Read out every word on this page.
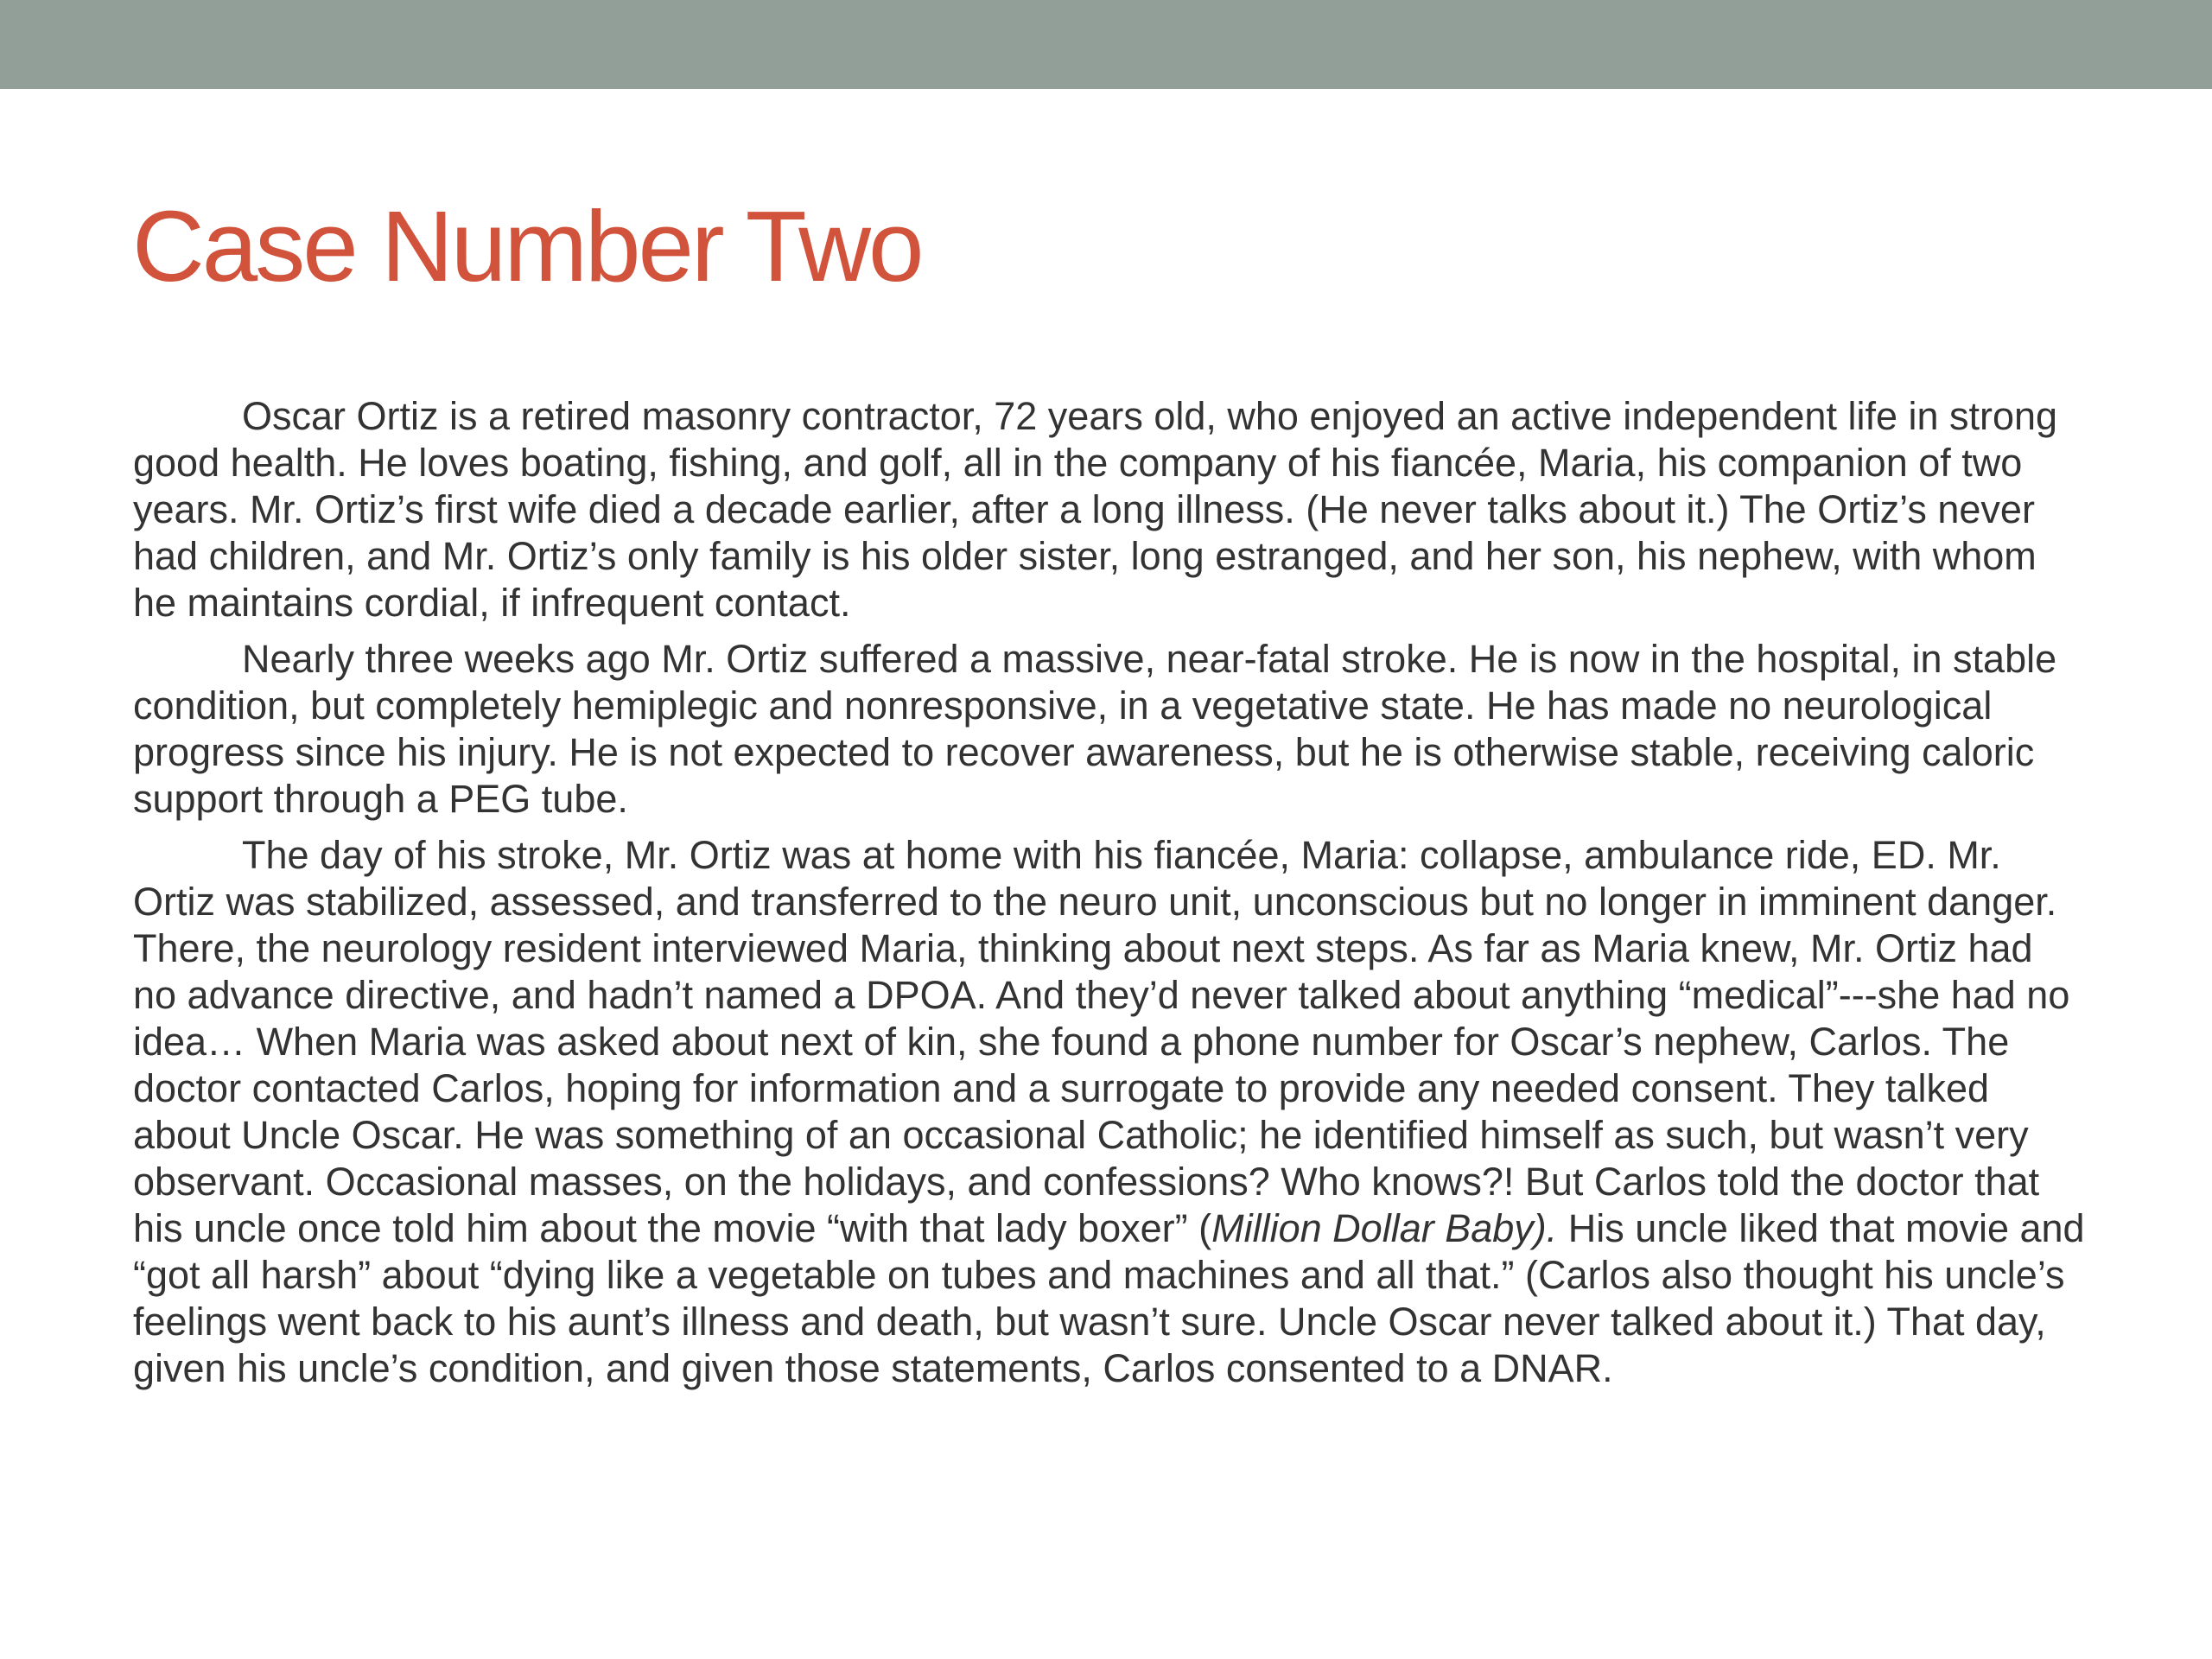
Case Number Two

Oscar Ortiz is a retired masonry contractor, 72 years old, who enjoyed an active independent life in strong good health. He loves boating, fishing, and golf, all in the company of his fiancée, Maria, his companion of two years. Mr. Ortiz’s first wife died a decade earlier, after a long illness. (He never talks about it.) The Ortiz’s never had children, and Mr. Ortiz’s only family is his older sister, long estranged, and her son, his nephew, with whom he maintains cordial, if infrequent contact.

Nearly three weeks ago Mr. Ortiz suffered a massive, near-fatal stroke. He is now in the hospital, in stable condition, but completely hemiplegic and nonresponsive, in a vegetative state. He has made no neurological progress since his injury. He is not expected to recover awareness, but he is otherwise stable, receiving caloric support through a PEG tube.

The day of his stroke, Mr. Ortiz was at home with his fiancée, Maria: collapse, ambulance ride, ED. Mr. Ortiz was stabilized, assessed, and transferred to the neuro unit, unconscious but no longer in imminent danger. There, the neurology resident interviewed Maria, thinking about next steps. As far as Maria knew, Mr. Ortiz had no advance directive, and hadn’t named a DPOA. And they’d never talked about anything “medical”---she had no idea… When Maria was asked about next of kin, she found a phone number for Oscar’s nephew, Carlos. The doctor contacted Carlos, hoping for information and a surrogate to provide any needed consent. They talked about Uncle Oscar. He was something of an occasional Catholic; he identified himself as such, but wasn’t very observant. Occasional masses, on the holidays, and confessions? Who knows?! But Carlos told the doctor that his uncle once told him about the movie “with that lady boxer” (Million Dollar Baby). His uncle liked that movie and “got all harsh” about “dying like a vegetable on tubes and machines and all that.” (Carlos also thought his uncle’s feelings went back to his aunt’s illness and death, but wasn’t sure. Uncle Oscar never talked about it.) That day, given his uncle’s condition, and given those statements, Carlos consented to a DNAR.
